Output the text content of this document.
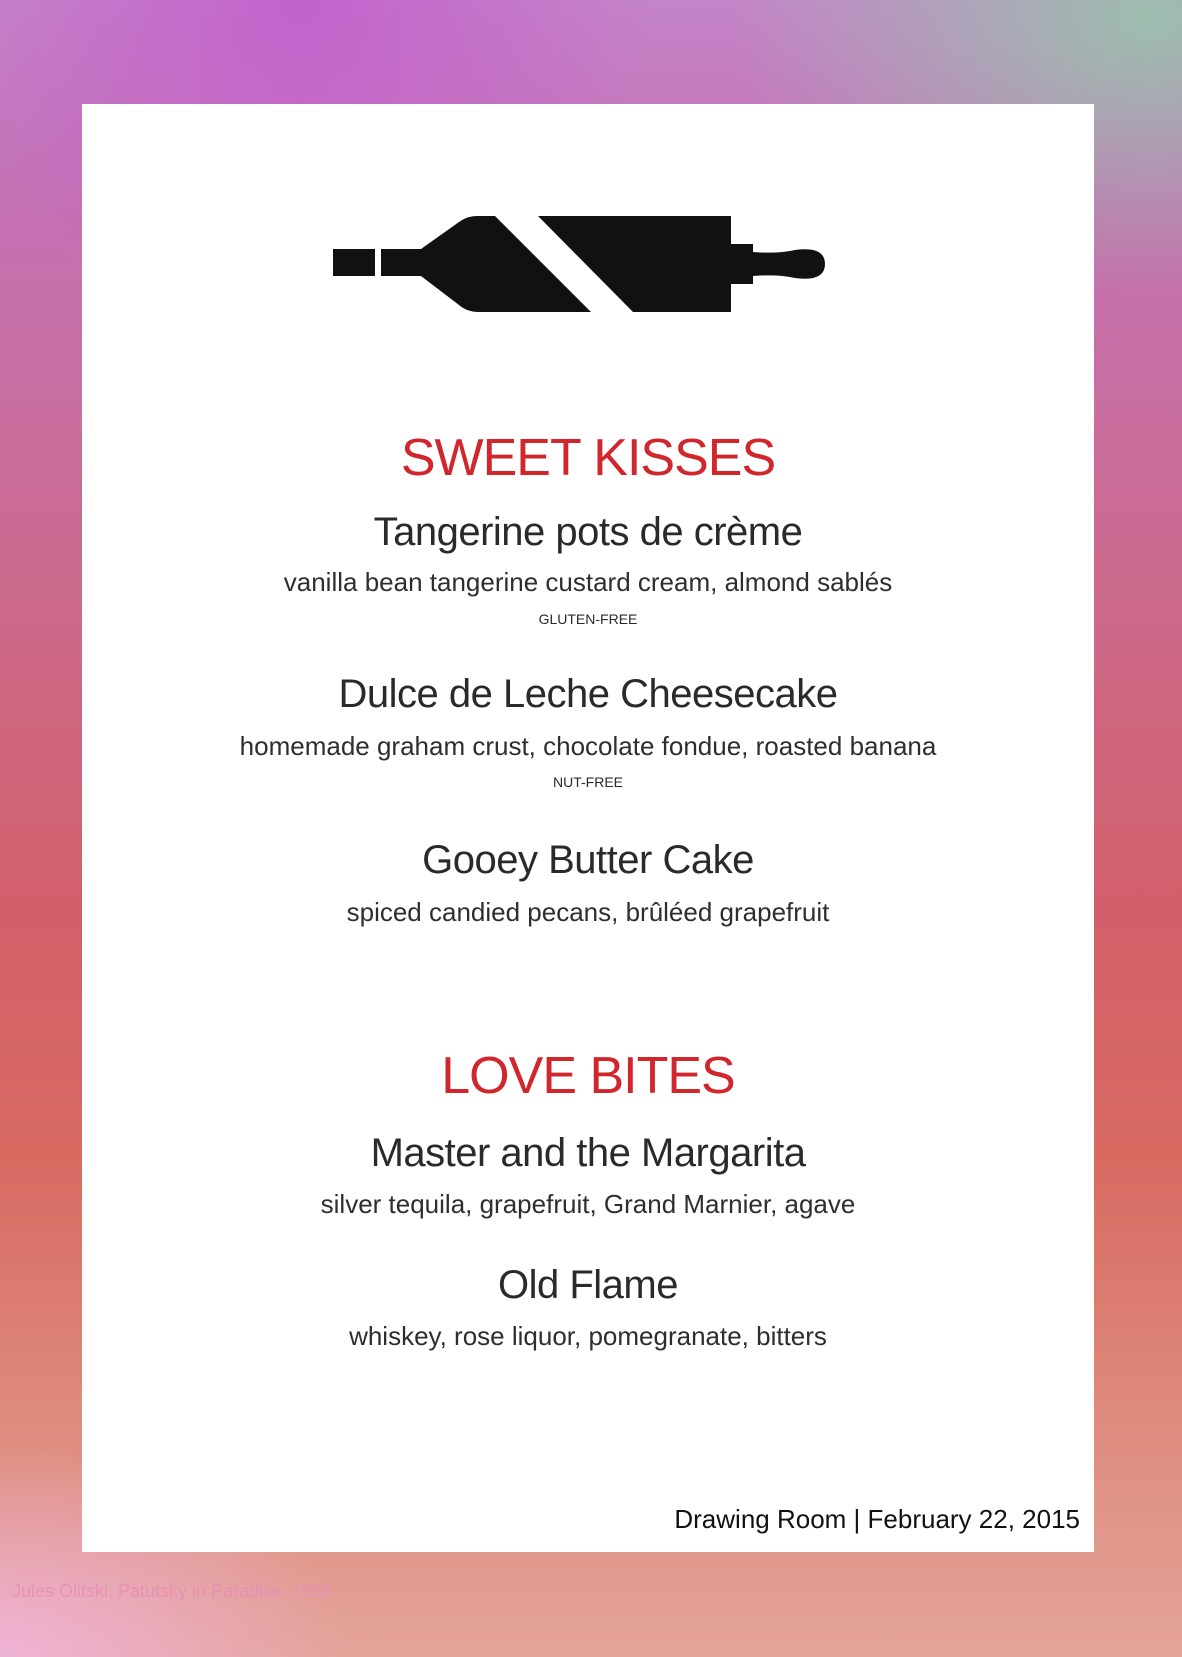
SWEET KISSES
Tangerine pots de crème
vanilla bean tangerine custard cream, almond sablés
GLUTEN-FREE
Dulce de Leche Cheesecake
homemade graham crust, chocolate fondue, roasted banana
NUT-FREE
Gooey Butter Cake
spiced candied pecans, brûléed grapefruit
LOVE BITES
Master and the Margarita
silver tequila, grapefruit, Grand Marnier, agave
Old Flame
whiskey, rose liquor, pomegranate, bitters
Drawing Room | February 22, 2015
Jules Olitski, Patutsky in Paradise, 1966
